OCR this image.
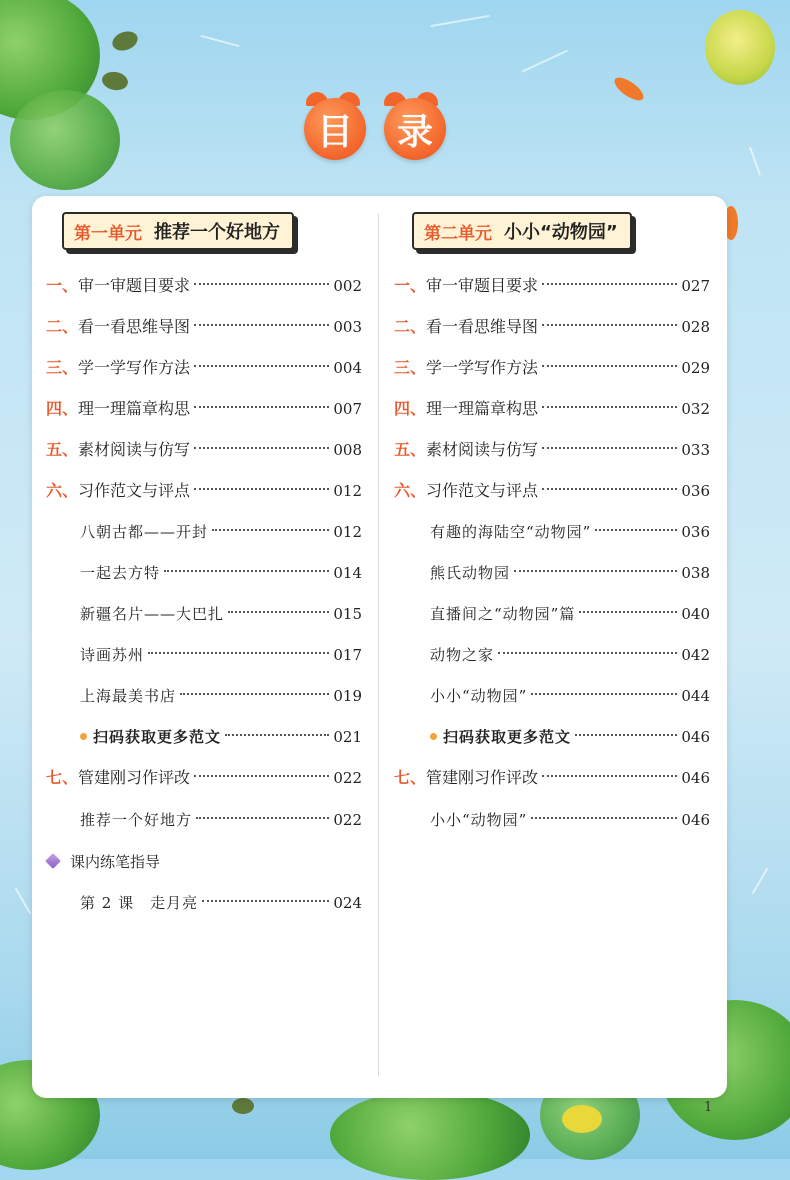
目	录
第一单元 推荐一个好地方
一、 审一审题目要求	002
二、 看一看思维导图	003
三、 学一学写作方法	004
四、 理一理篇章构思	007
五、 素材阅读与仿写	008
六、 习作范文与评点	012
八朝古都——开封	012
一起去方特	014
新疆名片——大巴扎	015
诗画苏州	017
上海最美书店	019
扫码获取更多范文	021
七、 管建刚习作评改	022
推荐一个好地方	022
课内练笔指导
第 2 课　走月亮	024
第二单元 小小“动物园”
一、 审一审题目要求	027
二、 看一看思维导图	028
三、 学一学写作方法	029
四、 理一理篇章构思	032
五、 素材阅读与仿写	033
六、 习作范文与评点	036
有趣的海陆空“动物园”	036
熊氏动物园	038
直播间之“动物园”篇	040
动物之家	042
小小“动物园”	044
扫码获取更多范文	046
七、 管建刚习作评改	046
小小“动物园”	046
1
